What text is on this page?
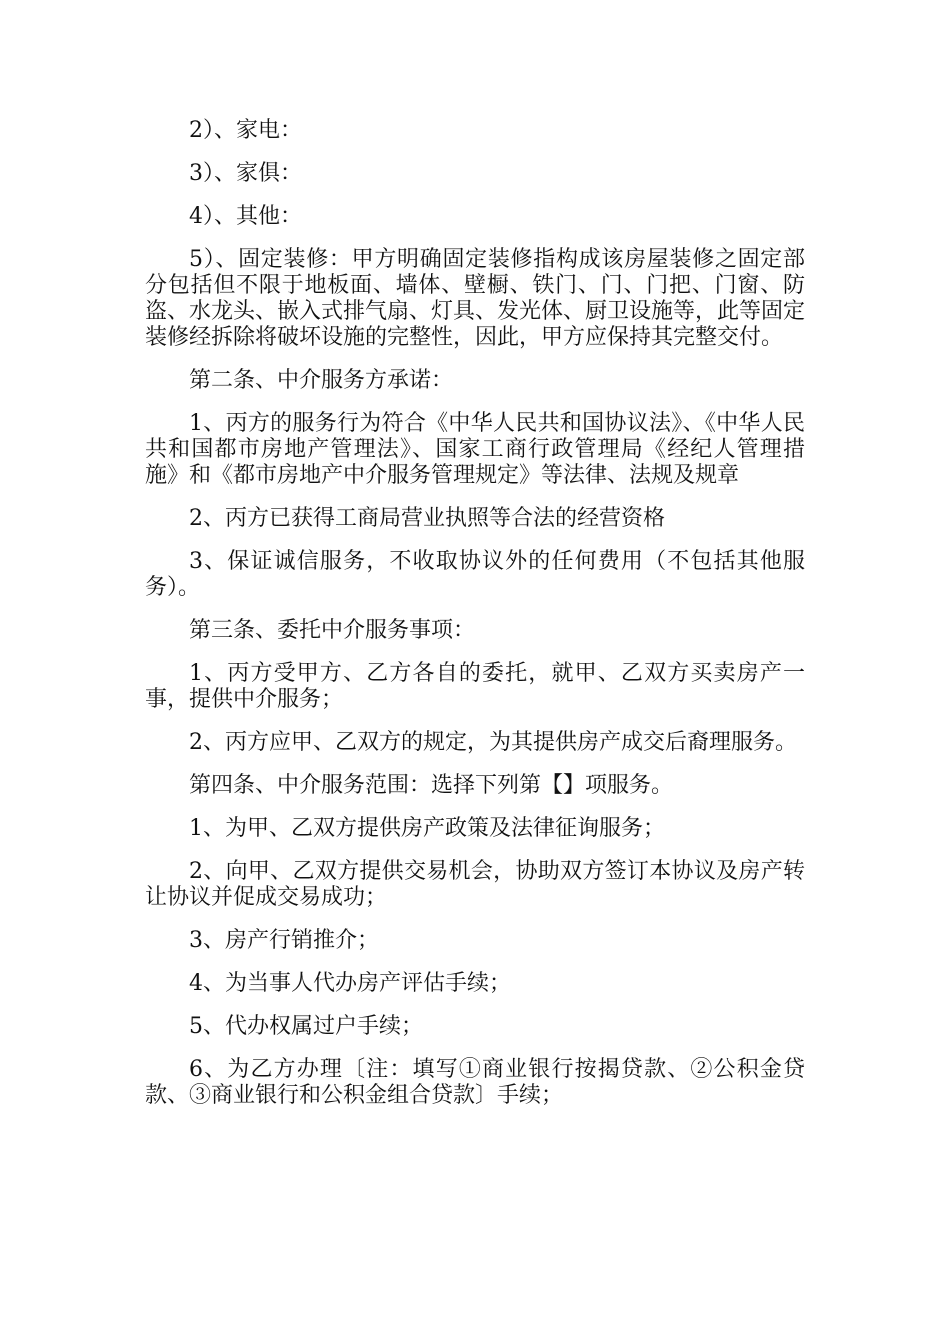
2）、家电：

3）、家俱：

4）、其他：

5）、固定装修：甲方明确固定装修指构成该房屋装修之固定部分包括但不限于地板面、墙体、壁橱、铁门、门、门把、门窗、防盗、水龙头、嵌入式排气扇、灯具、发光体、厨卫设施等，此等固定装修经拆除将破坏设施的完整性，因此，甲方应保持其完整交付。

第二条、中介服务方承诺：

1、丙方的服务行为符合《中华人民共和国协议法》、《中华人民共和国都市房地产管理法》、国家工商行政管理局《经纪人管理措施》和《都市房地产中介服务管理规定》等法律、法规及规章

2、丙方已获得工商局营业执照等合法的经营资格

3、保证诚信服务，不收取协议外的任何费用（不包括其他服务）。

第三条、委托中介服务事项：

1、丙方受甲方、乙方各自的委托，就甲、乙双方买卖房产一事，提供中介服务；

2、丙方应甲、乙双方的规定，为其提供房产成交后裔理服务。

第四条、中介服务范围：选择下列第【】项服务。

1、为甲、乙双方提供房产政策及法律征询服务；

2、向甲、乙双方提供交易机会，协助双方签订本协议及房产转让协议并促成交易成功；

3、房产行销推介；

4、为当事人代办房产评估手续；

5、代办权属过户手续；

6、为乙方办理〔注：填写①商业银行按揭贷款、②公积金贷款、③商业银行和公积金组合贷款〕手续；
